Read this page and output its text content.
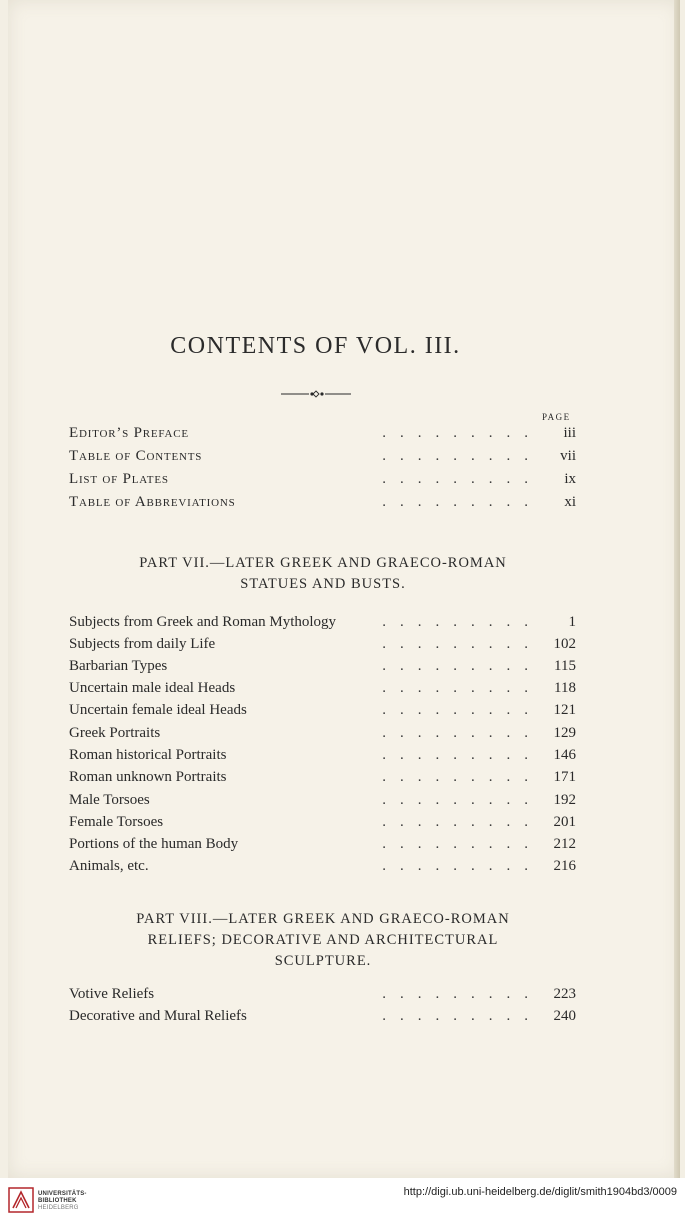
CONTENTS OF VOL. III.
PAGE
Editor’s Preface	.........	iii
Table of Contents	.........	vii
List of Plates	.........	ix
Table of Abbreviations	.........	xi
PART VII.—LATER GREEK AND GRAECO-ROMAN
STATUES AND BUSTS.
Subjects from Greek and Roman Mythology	.........	1
Subjects from daily Life	......... 102
Barbarian Types	......... 115
Uncertain male ideal Heads	......... 118
Uncertain female ideal Heads	......... 121
Greek Portraits	......... 129
Roman historical Portraits	......... 146
Roman unknown Portraits	......... 171
Male Torsoes	......... 192
Female Torsoes	......... 201
Portions of the human Body	......... 212
Animals, etc.	......... 216
PART VIII.—LATER GREEK AND GRAECO-ROMAN
RELIEFS; DECORATIVE AND ARCHITECTURAL
SCULPTURE.
Votive Reliefs	......... 223
Decorative and Mural Reliefs	......... 240
UNIVERSITÄTS-
BIBLIOTHEK
HEIDELBERG
http://digi.ub.uni-heidelberg.de/diglit/smith1904bd3/0009
